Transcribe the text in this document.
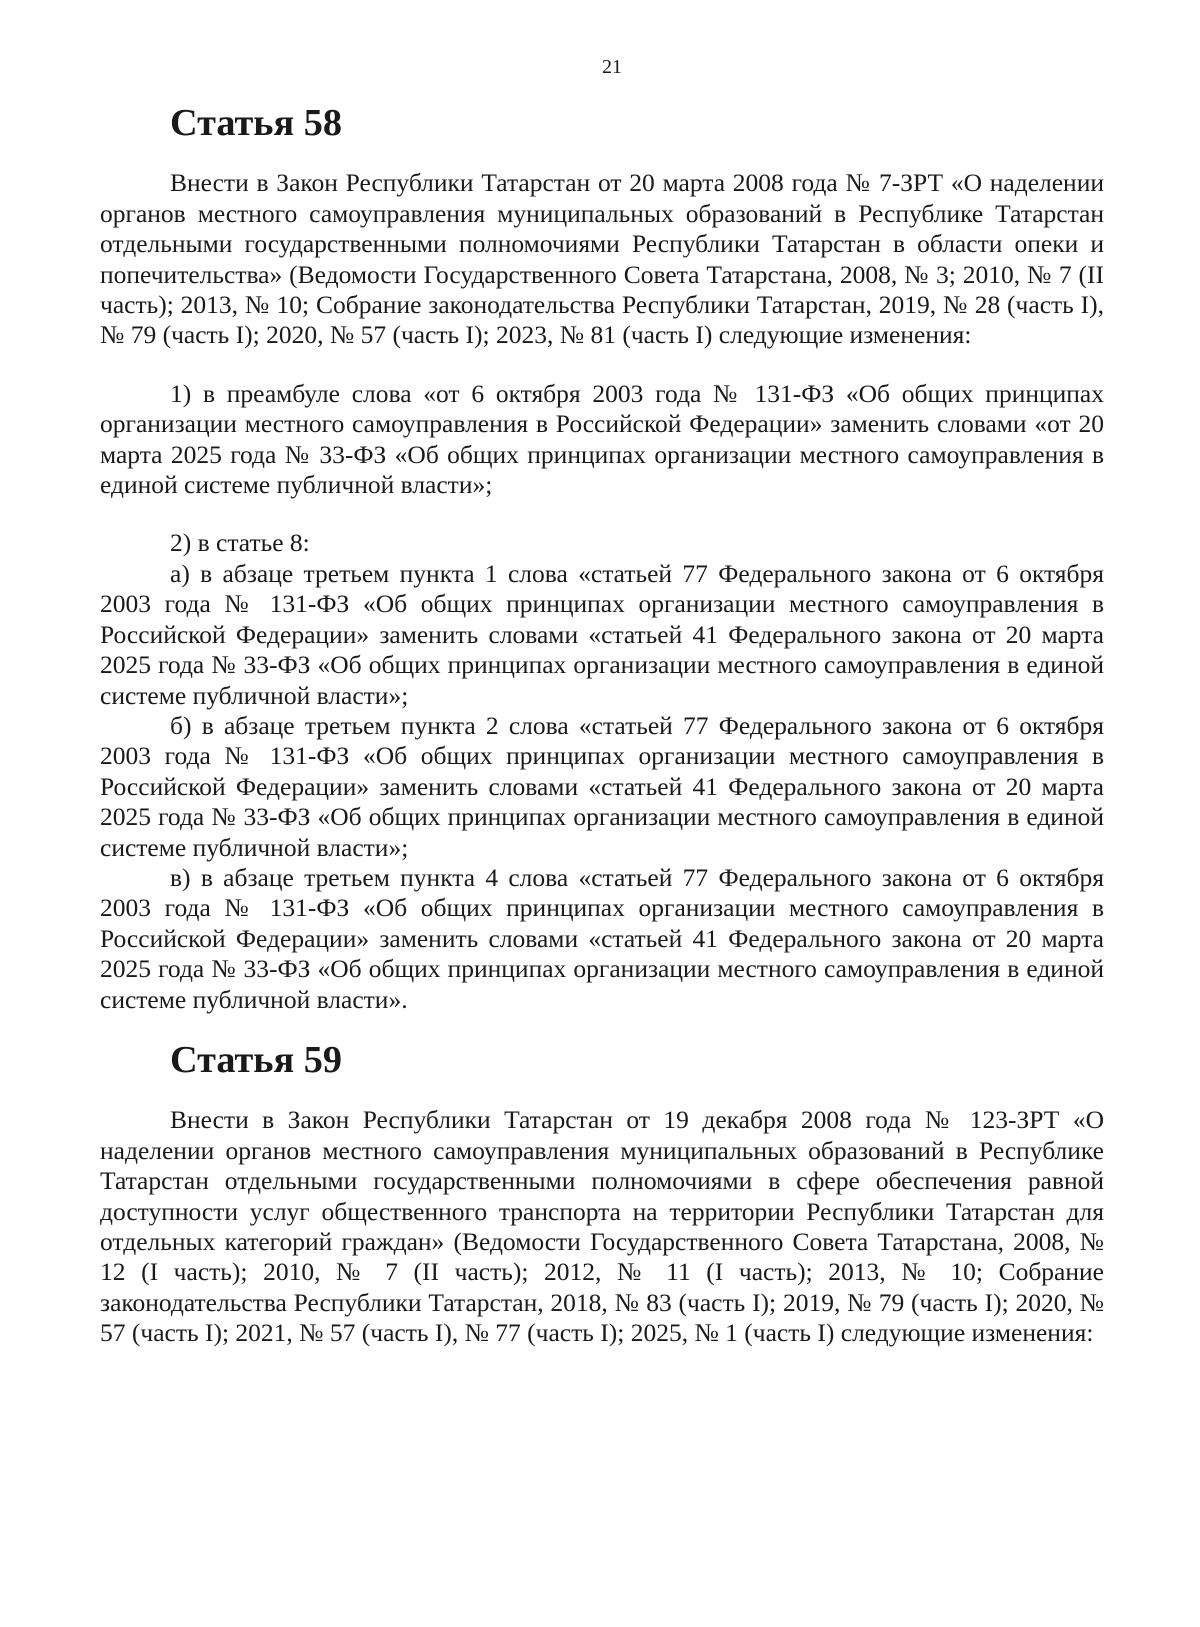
21
Статья 58

Внести в Закон Республики Татарстан от 20 марта 2008 года № 7-ЗРТ «О наделении органов местного самоуправления муниципальных образований в Республике Татарстан отдельными государственными полномочиями Республики Татарстан в области опеки и попечительства» (Ведомости Государственного Совета Татарстана, 2008, № 3; 2010, № 7 (II часть); 2013, № 10; Собрание законодательства Республики Татарстан, 2019, № 28 (часть I), № 79 (часть I); 2020, № 57 (часть I); 2023, № 81 (часть I) следующие изменения:

1) в преамбуле слова «от 6 октября 2003 года № 131-ФЗ «Об общих принципах организации местного самоуправления в Российской Федерации» заменить словами «от 20 марта 2025 года № 33-ФЗ «Об общих принципах организации местного самоуправления в единой системе публичной власти»;

2) в статье 8:

а) в абзаце третьем пункта 1 слова «статьей 77 Федерального закона от 6 октября 2003 года № 131-ФЗ «Об общих принципах организации местного самоуправления в Российской Федерации» заменить словами «статьей 41 Федерального закона от 20 марта 2025 года № 33-ФЗ «Об общих принципах организации местного самоуправления в единой системе публичной власти»;

б) в абзаце третьем пункта 2 слова «статьей 77 Федерального закона от 6 октября 2003 года № 131-ФЗ «Об общих принципах организации местного самоуправления в Российской Федерации» заменить словами «статьей 41 Федерального закона от 20 марта 2025 года № 33-ФЗ «Об общих принципах организации местного самоуправления в единой системе публичной власти»;

в) в абзаце третьем пункта 4 слова «статьей 77 Федерального закона от 6 октября 2003 года № 131-ФЗ «Об общих принципах организации местного самоуправления в Российской Федерации» заменить словами «статьей 41 Федерального закона от 20 марта 2025 года № 33-ФЗ «Об общих принципах организации местного самоуправления в единой системе публичной власти».

Статья 59

Внести в Закон Республики Татарстан от 19 декабря 2008 года № 123-ЗРТ «О наделении органов местного самоуправления муниципальных образований в Республике Татарстан отдельными государственными полномочиями в сфере обеспечения равной доступности услуг общественного транспорта на территории Республики Татарстан для отдельных категорий граждан» (Ведомости Государственного Совета Татарстана, 2008, № 12 (I часть); 2010, № 7 (II часть); 2012, № 11 (I часть); 2013, № 10; Собрание законодательства Республики Татарстан, 2018, № 83 (часть I); 2019, № 79 (часть I); 2020, № 57 (часть I); 2021, № 57 (часть I), № 77 (часть I); 2025, № 1 (часть I) следующие изменения:
